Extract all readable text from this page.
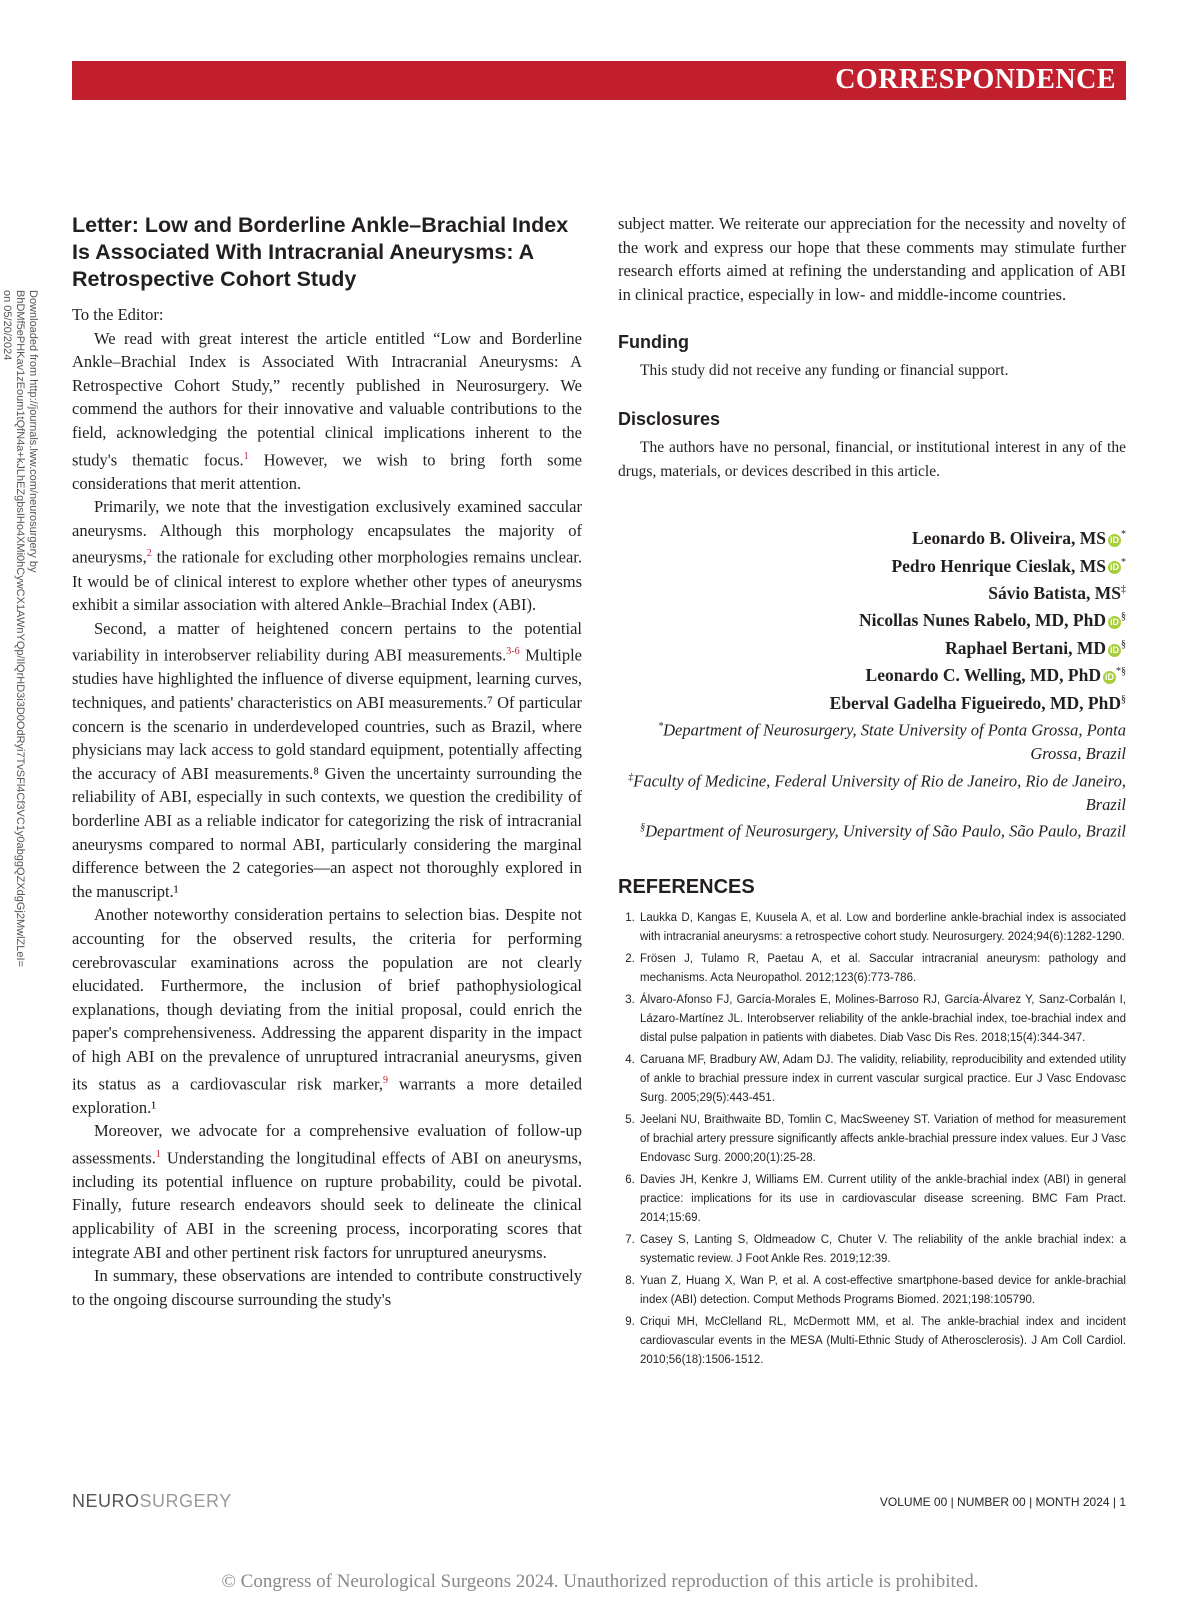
CORRESPONDENCE
Downloaded from http://journals.lww.com/neurosurgery by BhDMf5ePHKav1zEoum1tQfN4a+kJLhEZgbsIHo4XMi0hCywCX1AWnYQp/IlQrHD3i3D0OdRyi7TvSFl4Cf3VC1y0abggQZXdgGj2MwlZLeI= on 05/20/2024
Letter: Low and Borderline Ankle–Brachial Index Is Associated With Intracranial Aneurysms: A Retrospective Cohort Study
To the Editor:

We read with great interest the article entitled “Low and Borderline Ankle–Brachial Index is Associated With Intracranial Aneurysms: A Retrospective Cohort Study,” recently published in Neurosurgery. We commend the authors for their innovative and valuable contributions to the field, acknowledging the potential clinical implications inherent to the study's thematic focus.$^1$ However, we wish to bring forth some considerations that merit attention.

Primarily, we note that the investigation exclusively examined saccular aneurysms. Although this morphology encapsulates the majority of aneurysms,$^2$ the rationale for excluding other morphologies remains unclear. It would be of clinical interest to explore whether other types of aneurysms exhibit a similar association with altered Ankle–Brachial Index (ABI).

Second, a matter of heightened concern pertains to the potential variability in interobserver reliability during ABI measurements.$^{3-6}$ Multiple studies have highlighted the influence of diverse equipment, learning curves, techniques, and patients' characteristics on ABI measurements.⁷ Of particular concern is the scenario in underdeveloped countries, such as Brazil, where physicians may lack access to gold standard equipment, potentially affecting the accuracy of ABI measurements.⁸ Given the uncertainty surrounding the reliability of ABI, especially in such contexts, we question the credibility of borderline ABI as a reliable indicator for categorizing the risk of intracranial aneurysms compared to normal ABI, particularly considering the marginal difference between the 2 categories—an aspect not thoroughly explored in the manuscript.¹

Another noteworthy consideration pertains to selection bias. Despite not accounting for the observed results, the criteria for performing cerebrovascular examinations across the population are not clearly elucidated. Furthermore, the inclusion of brief pathophysiological explanations, though deviating from the initial proposal, could enrich the paper's comprehensiveness. Addressing the apparent disparity in the impact of high ABI on the prevalence of unruptured intracranial aneurysms, given its status as a cardiovascular risk marker,$^9$ warrants a more detailed exploration.¹

Moreover, we advocate for a comprehensive evaluation of follow-up assessments.$^1$ Understanding the longitudinal effects of ABI on aneurysms, including its potential influence on rupture probability, could be pivotal. Finally, future research endeavors should seek to delineate the clinical applicability of ABI in the screening process, incorporating scores that integrate ABI and other pertinent risk factors for unruptured aneurysms.

In summary, these observations are intended to contribute constructively to the ongoing discourse surrounding the study's

subject matter. We reiterate our appreciation for the necessity and novelty of the work and express our hope that these comments may stimulate further research efforts aimed at refining the understanding and application of ABI in clinical practice, especially in low- and middle-income countries.

Funding

This study did not receive any funding or financial support.

Disclosures

The authors have no personal, financial, or institutional interest in any of the drugs, materials, or devices described in this article.

Leonardo B. Oliveira, MS iD *
Pedro Henrique Cieslak, MS iD *
Sávio Batista, MS‡
Nicollas Nunes Rabelo, MD, PhD iD §
Raphael Bertani, MD iD §
Leonardo C. Welling, MD, PhD iD *§
Eberval Gadelha Figueiredo, MD, PhD§
*Department of Neurosurgery, State University of Ponta Grossa, Ponta Grossa, Brazil
‡Faculty of Medicine, Federal University of Rio de Janeiro, Rio de Janeiro, Brazil
§Department of Neurosurgery, University of São Paulo, São Paulo, Brazil
REFERENCES
1. Laukka D, Kangas E, Kuusela A, et al. Low and borderline ankle-brachial index is associated with intracranial aneurysms: a retrospective cohort study. Neurosurgery. 2024;94(6):1282-1290.
2. Frösen J, Tulamo R, Paetau A, et al. Saccular intracranial aneurysm: pathology and mechanisms. Acta Neuropathol. 2012;123(6):773-786.
3. Álvaro-Afonso FJ, García-Morales E, Molines-Barroso RJ, García-Álvarez Y, Sanz-Corbalán I, Lázaro-Martínez JL. Interobserver reliability of the ankle-brachial index, toe-brachial index and distal pulse palpation in patients with diabetes. Diab Vasc Dis Res. 2018;15(4):344-347.
4. Caruana MF, Bradbury AW, Adam DJ. The validity, reliability, reproducibility and extended utility of ankle to brachial pressure index in current vascular surgical practice. Eur J Vasc Endovasc Surg. 2005;29(5):443-451.
5. Jeelani NU, Braithwaite BD, Tomlin C, MacSweeney ST. Variation of method for measurement of brachial artery pressure significantly affects ankle-brachial pressure index values. Eur J Vasc Endovasc Surg. 2000;20(1):25-28.
6. Davies JH, Kenkre J, Williams EM. Current utility of the ankle-brachial index (ABI) in general practice: implications for its use in cardiovascular disease screening. BMC Fam Pract. 2014;15:69.
7. Casey S, Lanting S, Oldmeadow C, Chuter V. The reliability of the ankle brachial index: a systematic review. J Foot Ankle Res. 2019;12:39.
8. Yuan Z, Huang X, Wan P, et al. A cost-effective smartphone-based device for ankle-brachial index (ABI) detection. Comput Methods Programs Biomed. 2021;198:105790.
9. Criqui MH, McClelland RL, McDermott MM, et al. The ankle-brachial index and incident cardiovascular events in the MESA (Multi-Ethnic Study of Atherosclerosis). J Am Coll Cardiol. 2010;56(18):1506-1512.
NEUROSURGERY	VOLUME 00 | NUMBER 00 | MONTH 2024 | 1
© Congress of Neurological Surgeons 2024. Unauthorized reproduction of this article is prohibited.
